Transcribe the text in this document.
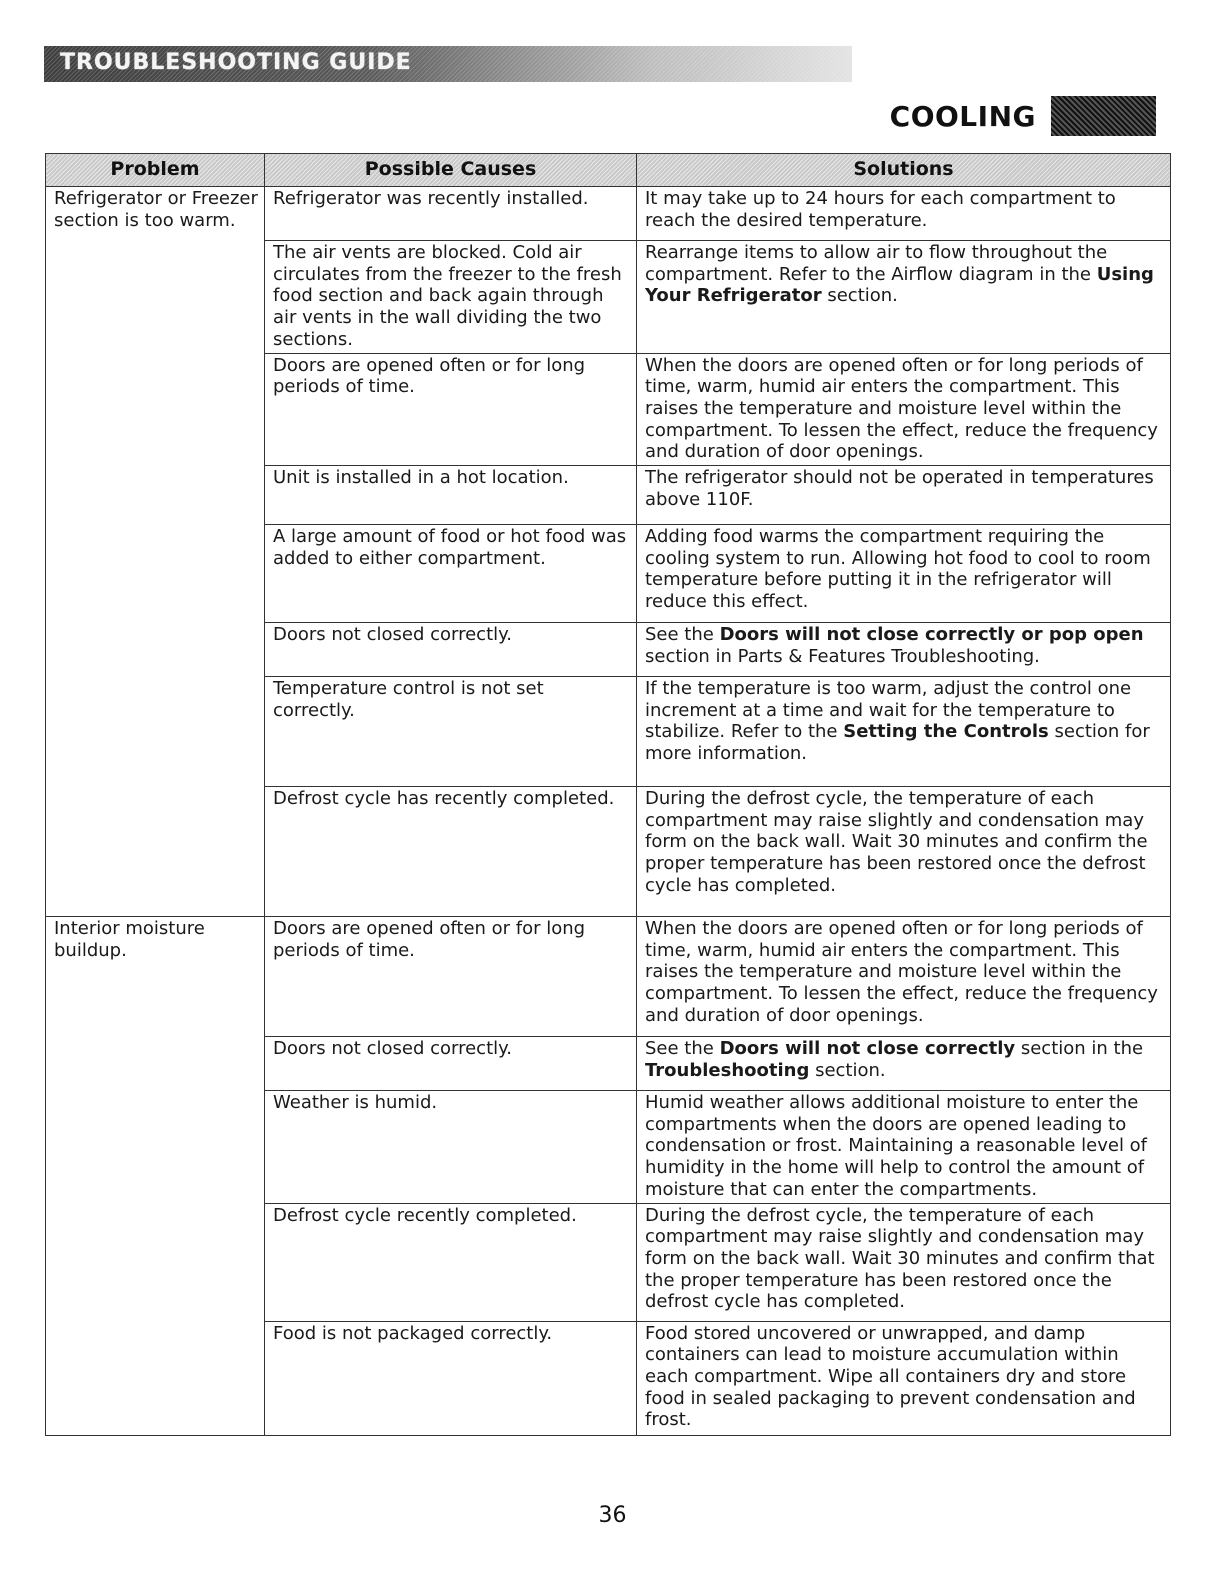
TROUBLESHOOTING GUIDE
COOLING
Problem	Possible Causes	Solutions
Refrigerator or Freezer section is too warm.	Refrigerator was recently installed.	It may take up to 24 hours for each compartment to reach the desired temperature.
	The air vents are blocked. Cold air circulates from the freezer to the fresh food section and back again through air vents in the wall dividing the two sections.	Rearrange items to allow air to flow throughout the compartment. Refer to the Airflow diagram in the Using Your Refrigerator section.
	Doors are opened often or for long periods of time.	When the doors are opened often or for long periods of time, warm, humid air enters the compartment. This raises the temperature and moisture level within the compartment. To lessen the effect, reduce the frequency and duration of door openings.
	Unit is installed in a hot location.	The refrigerator should not be operated in temperatures above 110F.
	A large amount of food or hot food was added to either compartment.	Adding food warms the compartment requiring the cooling system to run. Allowing hot food to cool to room temperature before putting it in the refrigerator will reduce this effect.
	Doors not closed correctly.	See the Doors will not close correctly or pop open section in Parts & Features Troubleshooting.
	Temperature control is not set correctly.	If the temperature is too warm, adjust the control one increment at a time and wait for the temperature to stabilize. Refer to the Setting the Controls section for more information.
	Defrost cycle has recently completed.	During the defrost cycle, the temperature of each compartment may raise slightly and condensation may form on the back wall. Wait 30 minutes and confirm the proper temperature has been restored once the defrost cycle has completed.
Interior moisture buildup.	Doors are opened often or for long periods of time.	When the doors are opened often or for long periods of time, warm, humid air enters the compartment. This raises the temperature and moisture level within the compartment. To lessen the effect, reduce the frequency and duration of door openings.
	Doors not closed correctly.	See the Doors will not close correctly section in the Troubleshooting section.
	Weather is humid.	Humid weather allows additional moisture to enter the compartments when the doors are opened leading to condensation or frost. Maintaining a reasonable level of humidity in the home will help to control the amount of moisture that can enter the compartments.
	Defrost cycle recently completed.	During the defrost cycle, the temperature of each compartment may raise slightly and condensation may form on the back wall. Wait 30 minutes and confirm that the proper temperature has been restored once the defrost cycle has completed.
	Food is not packaged correctly.	Food stored uncovered or unwrapped, and damp containers can lead to moisture accumulation within each compartment. Wipe all containers dry and store food in sealed packaging to prevent condensation and frost.
36
